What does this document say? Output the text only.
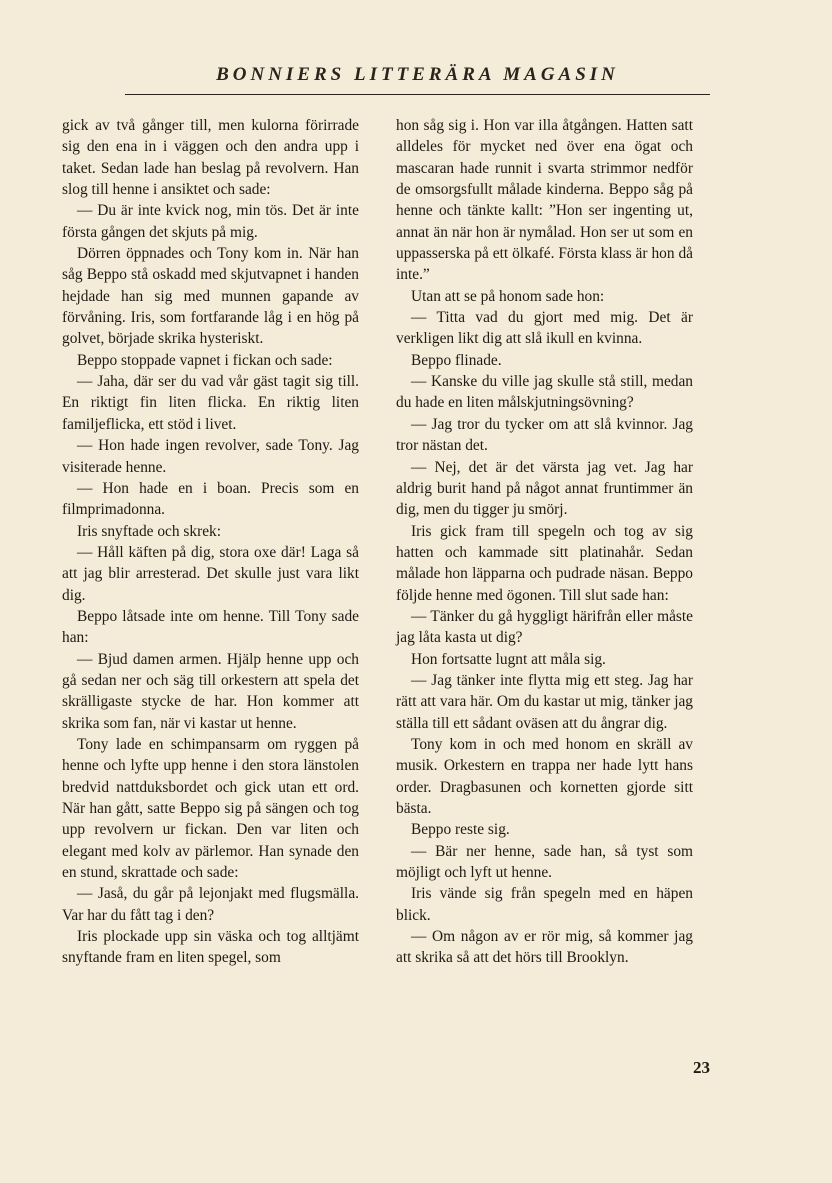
BONNIERS LITTERÄRA MAGASIN

gick av två gånger till, men kulorna förirrade sig den ena in i väggen och den andra upp i taket. Sedan lade han beslag på revolvern. Han slog till henne i ansiktet och sade:

— Du är inte kvick nog, min tös. Det är inte första gången det skjuts på mig.

Dörren öppnades och Tony kom in. När han såg Beppo stå oskadd med skjutvapnet i handen hejdade han sig med munnen gapande av förvåning. Iris, som fortfarande låg i en hög på golvet, började skrika hysteriskt.

Beppo stoppade vapnet i fickan och sade:

— Jaha, där ser du vad vår gäst tagit sig till. En riktigt fin liten flicka. En riktig liten familjeflicka, ett stöd i livet.

— Hon hade ingen revolver, sade Tony. Jag visiterade henne.

— Hon hade en i boan. Precis som en filmprimadonna.

Iris snyftade och skrek:

— Håll käften på dig, stora oxe där! Laga så att jag blir arresterad. Det skulle just vara likt dig.

Beppo låtsade inte om henne. Till Tony sade han:

— Bjud damen armen. Hjälp henne upp och gå sedan ner och säg till orkestern att spela det skrälligaste stycke de har. Hon kommer att skrika som fan, när vi kastar ut henne.

Tony lade en schimpansarm om ryggen på henne och lyfte upp henne i den stora länstolen bredvid nattduksbordet och gick utan ett ord. När han gått, satte Beppo sig på sängen och tog upp revolvern ur fickan. Den var liten och elegant med kolv av pärlemor. Han synade den en stund, skrattade och sade:

— Jaså, du går på lejonjakt med flugsmälla. Var har du fått tag i den?

Iris plockade upp sin väska och tog alltjämt snyftande fram en liten spegel, som

hon såg sig i. Hon var illa åtgången. Hatten satt alldeles för mycket ned över ena ögat och mascaran hade runnit i svarta strimmor nedför de omsorgsfullt målade kinderna. Beppo såg på henne och tänkte kallt: ”Hon ser ingenting ut, annat än när hon är nymålad. Hon ser ut som en uppasserska på ett ölkafé. Första klass är hon då inte.”

Utan att se på honom sade hon:

— Titta vad du gjort med mig. Det är verkligen likt dig att slå ikull en kvinna.

Beppo flinade.

— Kanske du ville jag skulle stå still, medan du hade en liten målskjutningsövning?

— Jag tror du tycker om att slå kvinnor. Jag tror nästan det.

— Nej, det är det värsta jag vet. Jag har aldrig burit hand på något annat fruntimmer än dig, men du tigger ju smörj.

Iris gick fram till spegeln och tog av sig hatten och kammade sitt platinahår. Sedan målade hon läpparna och pudrade näsan. Beppo följde henne med ögonen. Till slut sade han:

— Tänker du gå hyggligt härifrån eller måste jag låta kasta ut dig?

Hon fortsatte lugnt att måla sig.

— Jag tänker inte flytta mig ett steg. Jag har rätt att vara här. Om du kastar ut mig, tänker jag ställa till ett sådant oväsen att du ångrar dig.

Tony kom in och med honom en skräll av musik. Orkestern en trappa ner hade lytt hans order. Dragbasunen och kornetten gjorde sitt bästa.

Beppo reste sig.

— Bär ner henne, sade han, så tyst som möjligt och lyft ut henne.

Iris vände sig från spegeln med en häpen blick.

— Om någon av er rör mig, så kommer jag att skrika så att det hörs till Brooklyn.

23
